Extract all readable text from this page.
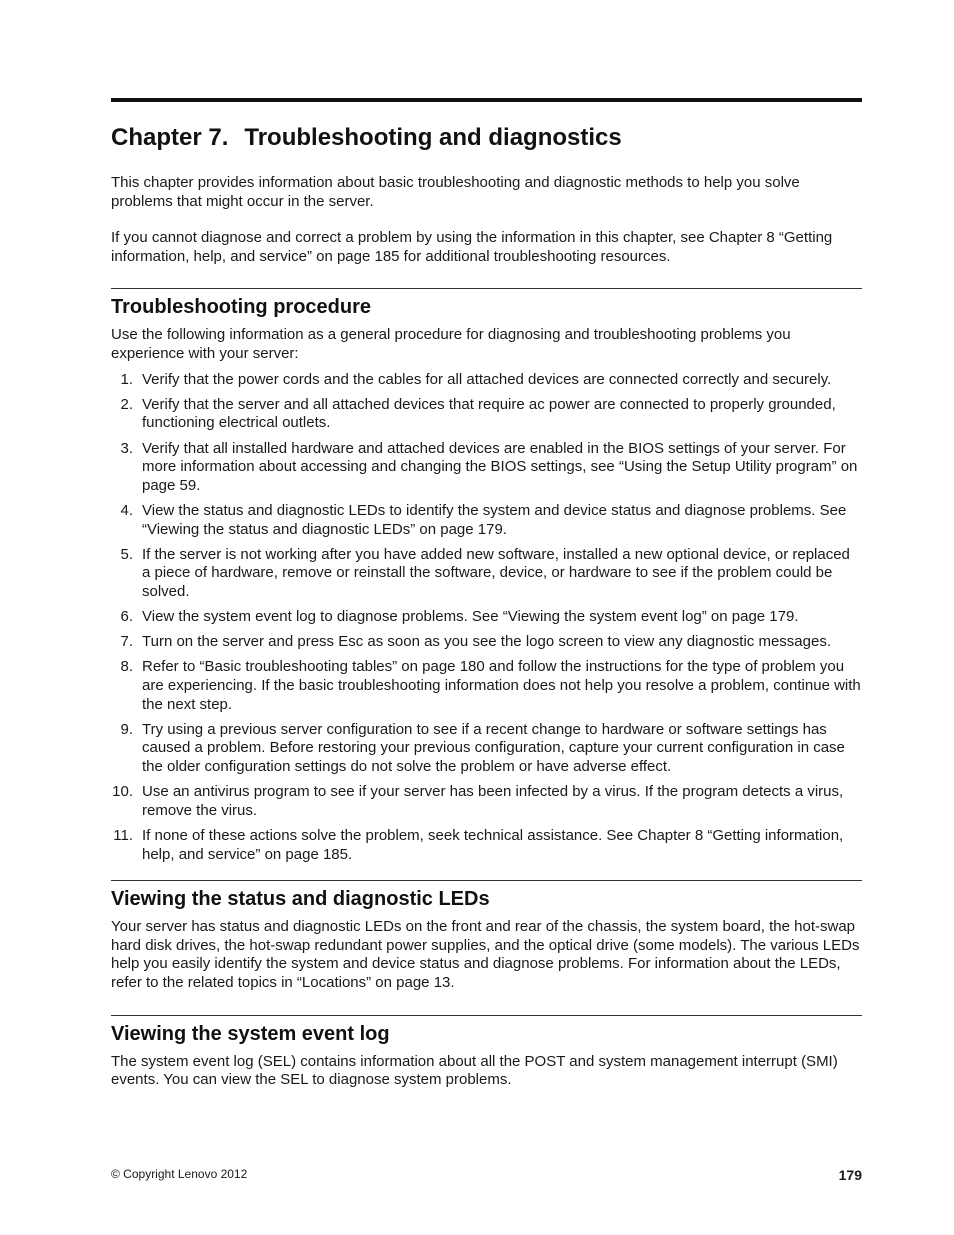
Chapter 7. Troubleshooting and diagnostics

This chapter provides information about basic troubleshooting and diagnostic methods to help you solve problems that might occur in the server.

If you cannot diagnose and correct a problem by using the information in this chapter, see Chapter 8 “Getting information, help, and service” on page 185 for additional troubleshooting resources.

Troubleshooting procedure

Use the following information as a general procedure for diagnosing and troubleshooting problems you experience with your server:

1. Verify that the power cords and the cables for all attached devices are connected correctly and securely.
2. Verify that the server and all attached devices that require ac power are connected to properly grounded, functioning electrical outlets.
3. Verify that all installed hardware and attached devices are enabled in the BIOS settings of your server. For more information about accessing and changing the BIOS settings, see “Using the Setup Utility program” on page 59.
4. View the status and diagnostic LEDs to identify the system and device status and diagnose problems. See “Viewing the status and diagnostic LEDs” on page 179.
5. If the server is not working after you have added new software, installed a new optional device, or replaced a piece of hardware, remove or reinstall the software, device, or hardware to see if the problem could be solved.
6. View the system event log to diagnose problems. See “Viewing the system event log” on page 179.
7. Turn on the server and press Esc as soon as you see the logo screen to view any diagnostic messages.
8. Refer to “Basic troubleshooting tables” on page 180 and follow the instructions for the type of problem you are experiencing. If the basic troubleshooting information does not help you resolve a problem, continue with the next step.
9. Try using a previous server configuration to see if a recent change to hardware or software settings has caused a problem. Before restoring your previous configuration, capture your current configuration in case the older configuration settings do not solve the problem or have adverse effect.
10. Use an antivirus program to see if your server has been infected by a virus. If the program detects a virus, remove the virus.
11. If none of these actions solve the problem, seek technical assistance. See Chapter 8 “Getting information, help, and service” on page 185.
Viewing the status and diagnostic LEDs

Your server has status and diagnostic LEDs on the front and rear of the chassis, the system board, the hot-swap hard disk drives, the hot-swap redundant power supplies, and the optical drive (some models). The various LEDs help you easily identify the system and device status and diagnose problems. For information about the LEDs, refer to the related topics in “Locations” on page 13.

Viewing the system event log

The system event log (SEL) contains information about all the POST and system management interrupt (SMI) events. You can view the SEL to diagnose system problems.

© Copyright Lenovo 2012	179
